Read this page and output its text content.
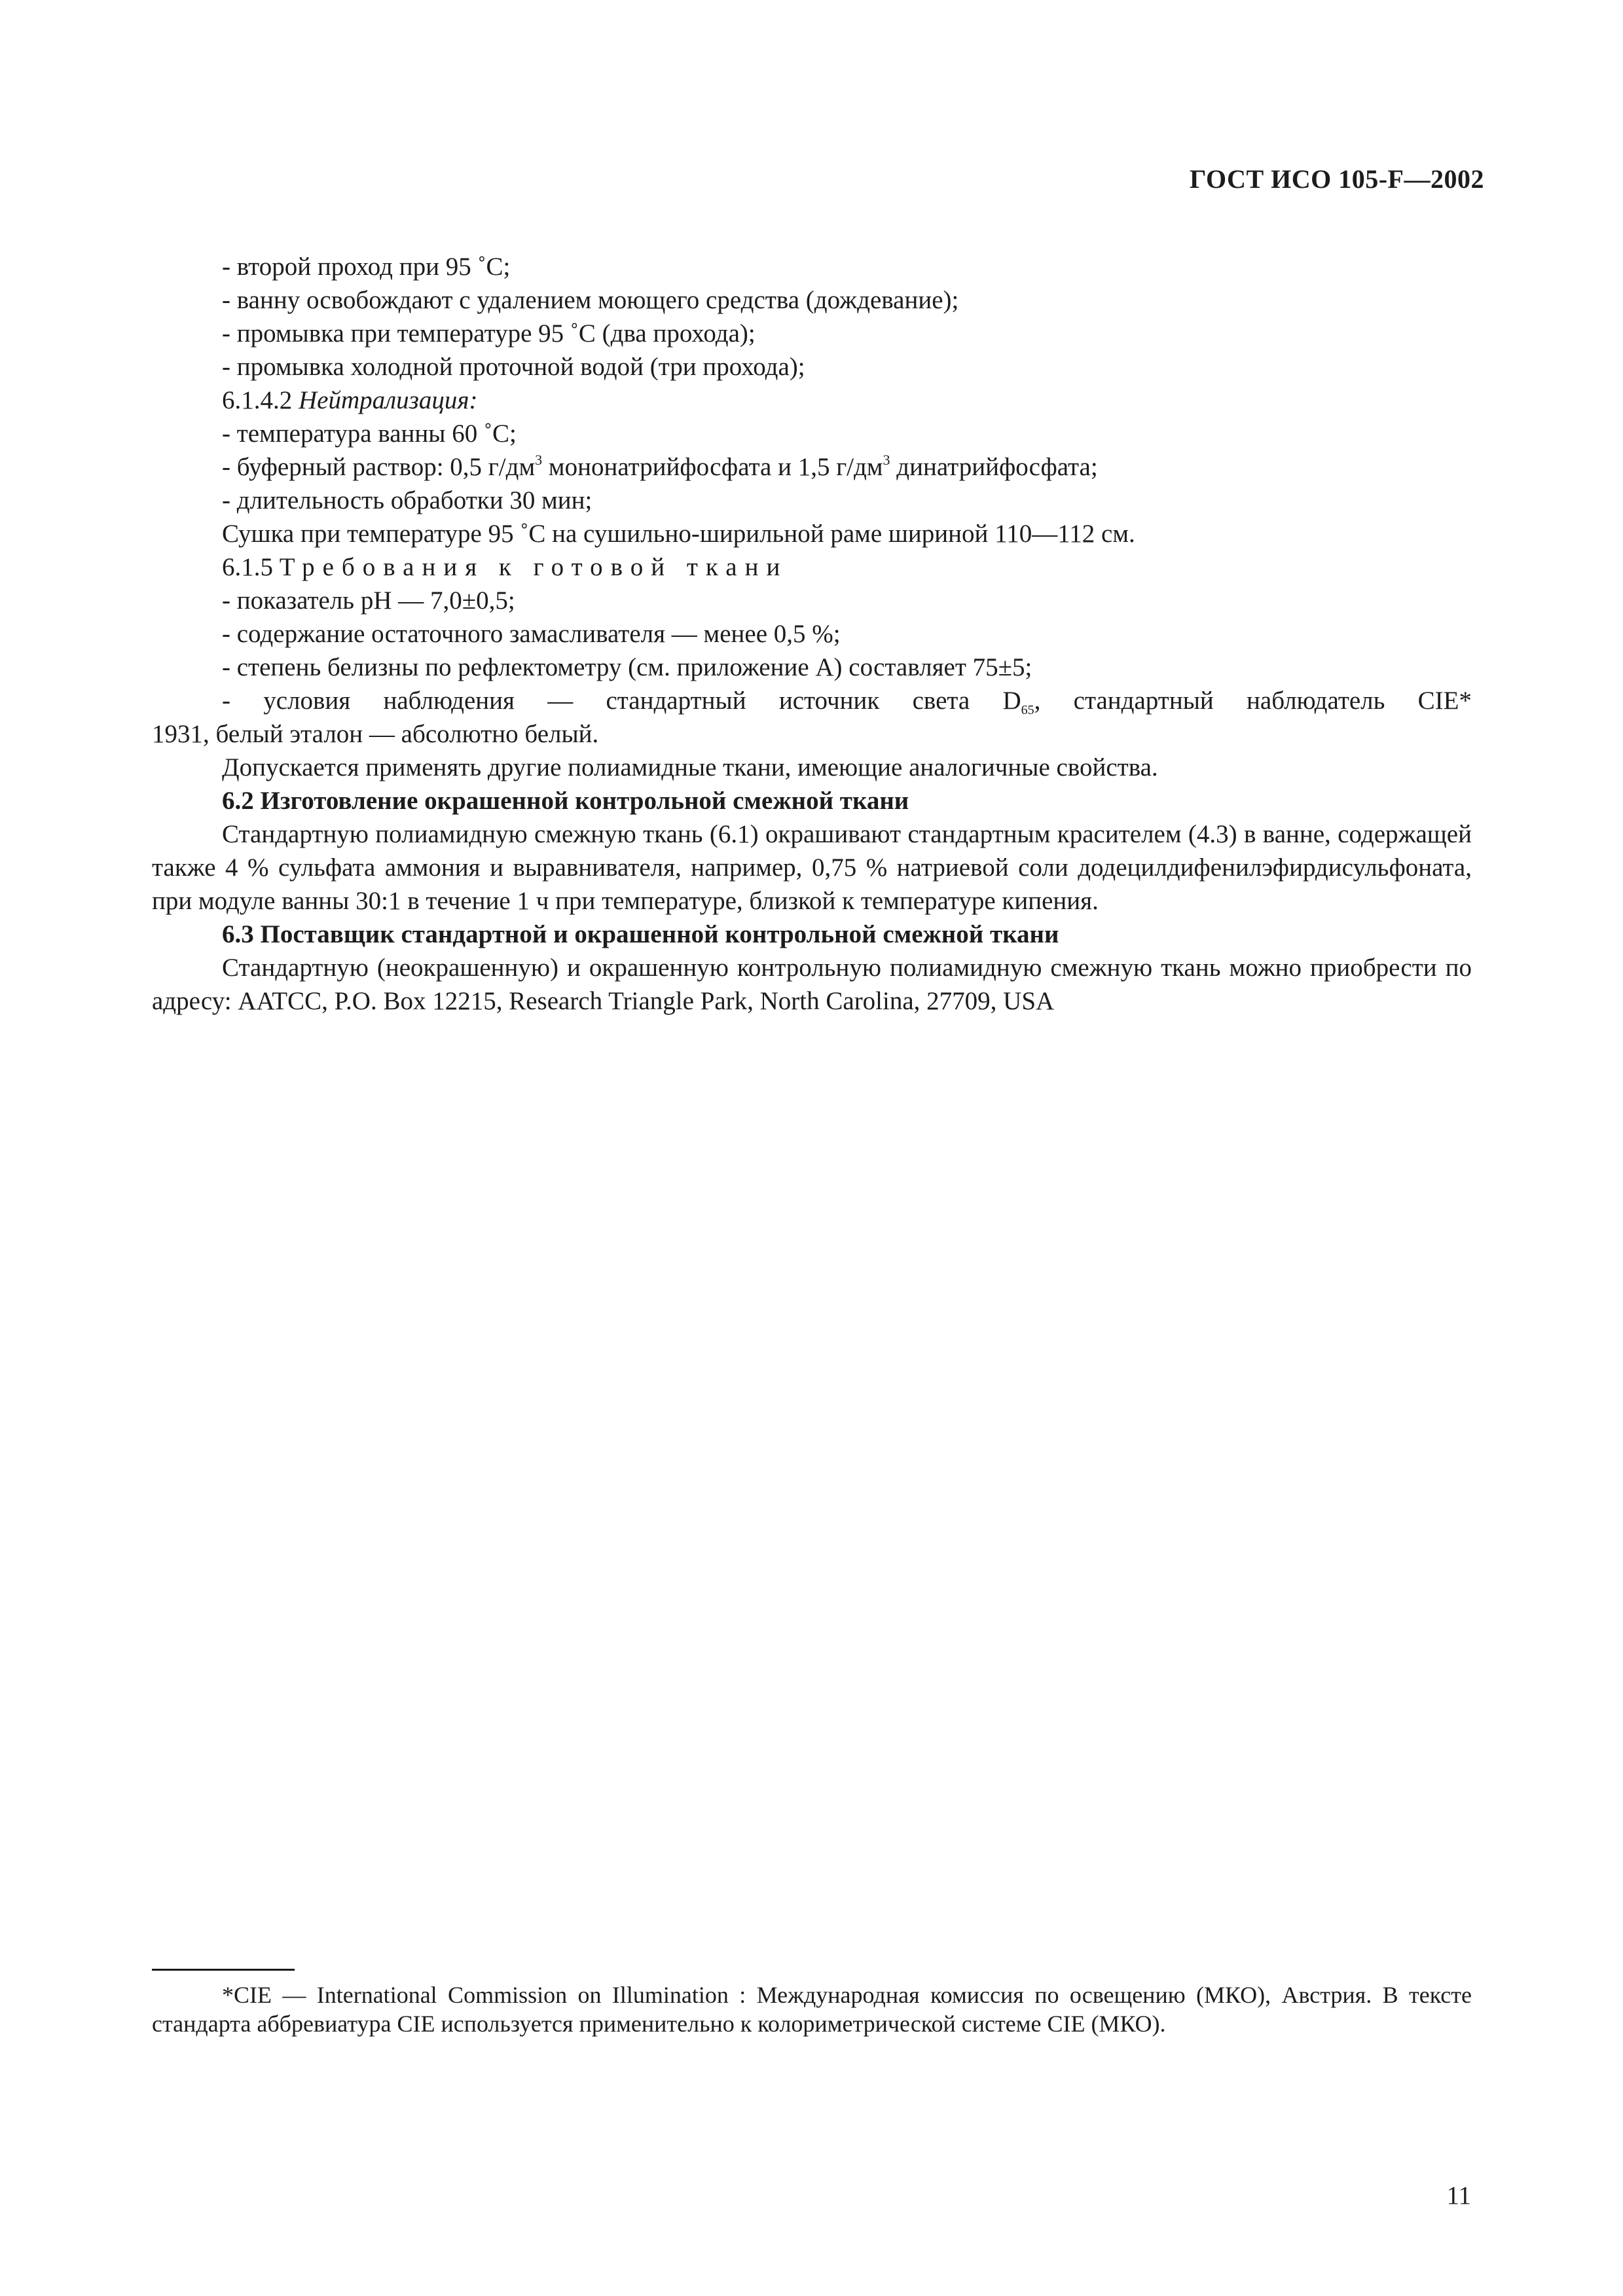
ГОСТ ИСО 105-F—2002

- второй проход при 95 ˚С;

- ванну освобождают с удалением моющего средства (дождевание);

- промывка при температуре 95 ˚С (два прохода);

- промывка холодной проточной водой (три прохода);

6.1.4.2 Нейтрализация:

- температура ванны 60 ˚С;

- буферный раствор: 0,5 $г/дм^3$ мононатрийфосфата и 1,5 $г/дм^3$ динатрийфосфата;

- длительность обработки 30 мин;

Сушка при температуре 95 ˚С на сушильно-ширильной раме шириной 110—112 см.

6.1.5 Требования к готовой ткани

- показатель рН — 7,0±0,5;

- содержание остаточного замасливателя — менее 0,5 %;

- степень белизны по рефлектометру (см. приложение А) составляет 75±5;

- условия наблюдения — стандартный источник света $D_{65}$, стандартный наблюдатель CIE*

1931, белый эталон — абсолютно белый.

Допускается применять другие полиамидные ткани, имеющие аналогичные свойства.

6.2 Изготовление окрашенной контрольной смежной ткани

Стандартную полиамидную смежную ткань (6.1) окрашивают стандартным красителем (4.3) в ванне, содержащей также 4 % сульфата аммония и выравнивателя, например, 0,75 % натриевой соли додецилдифенилэфирдисульфоната, при модуле ванны 30:1 в течение 1 ч при температуре, близкой к температуре кипения.

6.3 Поставщик стандартной и окрашенной контрольной смежной ткани

Стандартную (неокрашенную) и окрашенную контрольную полиамидную смежную ткань можно приобрести по адресу: AATCC, P.O. Box 12215, Research Triangle Park, North Carolina, 27709, USA

*CIE — International Commission on Illumination : Международная комиссия по освещению (МКО), Австрия. В тексте стандарта аббревиатура CIE используется применительно к колориметрической системе CIE (МКО).
11
